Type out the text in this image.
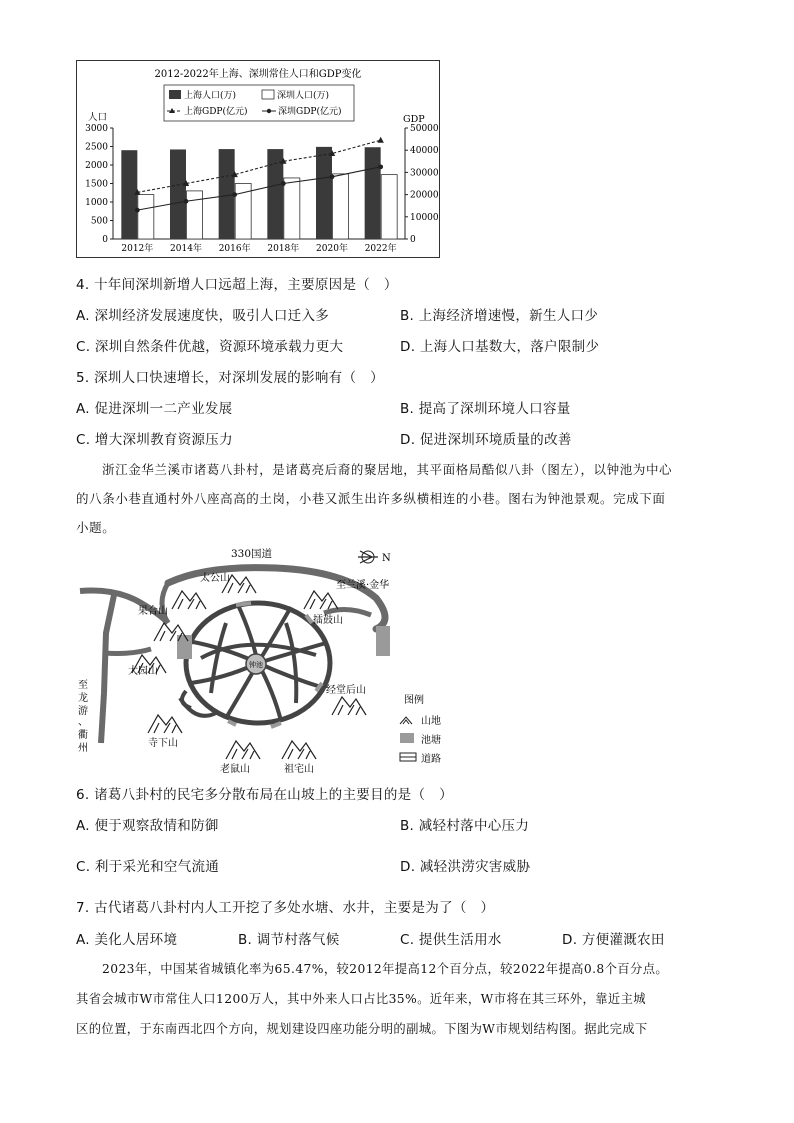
2012-2022年上海、深圳常住人口和GDP变化
上海人口(万)	深圳人口(万)
上海GDP(亿元)	深圳GDP(亿元)
人口	GDP
0
500
1000
1500
2000
2500
3000
0
10000
20000
30000
40000
50000
2012年 2014年 2016年 2018年 2020年 2022年
4. 十年间深圳新增人口远超上海，主要原因是（　）
A. 深圳经济发展速度快，吸引人口迁入多	B. 上海经济增速慢，新生人口少
C. 深圳自然条件优越，资源环境承载力更大	D. 上海人口基数大，落户限制少
5. 深圳人口快速增长，对深圳发展的影响有（　）
A. 促进深圳一二产业发展	B. 提高了深圳环境人口容量
C. 增大深圳教育资源压力	D. 促进深圳环境质量的改善
浙江金华兰溪市诸葛八卦村，是诸葛亮后裔的聚居地，其平面格局酷似八卦（图左），以钟池为中心
的八条小巷直通村外八座高高的土岗，小巷又派生出许多纵横相连的小巷。图右为钟池景观。完成下面
小题。
钟池
330国道	N
太公山
至兰溪·金华
果合山
擂鼓山
大园山
经堂后山
寺下山
老鼠山	祖宅山
至
龙
游
、
衢
州
图例
山地
池塘
道路
6. 诸葛八卦村的民宅多分散布局在山坡上的主要目的是（　）
A. 便于观察敌情和防御	B. 减轻村落中心压力
C. 利于采光和空气流通	D. 减轻洪涝灾害威胁
7. 古代诸葛八卦村内人工开挖了多处水塘、水井，主要是为了（　）
A. 美化人居环境	B. 调节村落气候	C. 提供生活用水	D. 方便灌溉农田
2023年，中国某省城镇化率为65.47%，较2012年提高12个百分点，较2022年提高0.8个百分点。
其省会城市W市常住人口1200万人，其中外来人口占比35%。近年来，W市将在其三环外，靠近主城
区的位置，于东南西北四个方向，规划建设四座功能分明的副城。下图为W市规划结构图。据此完成下
